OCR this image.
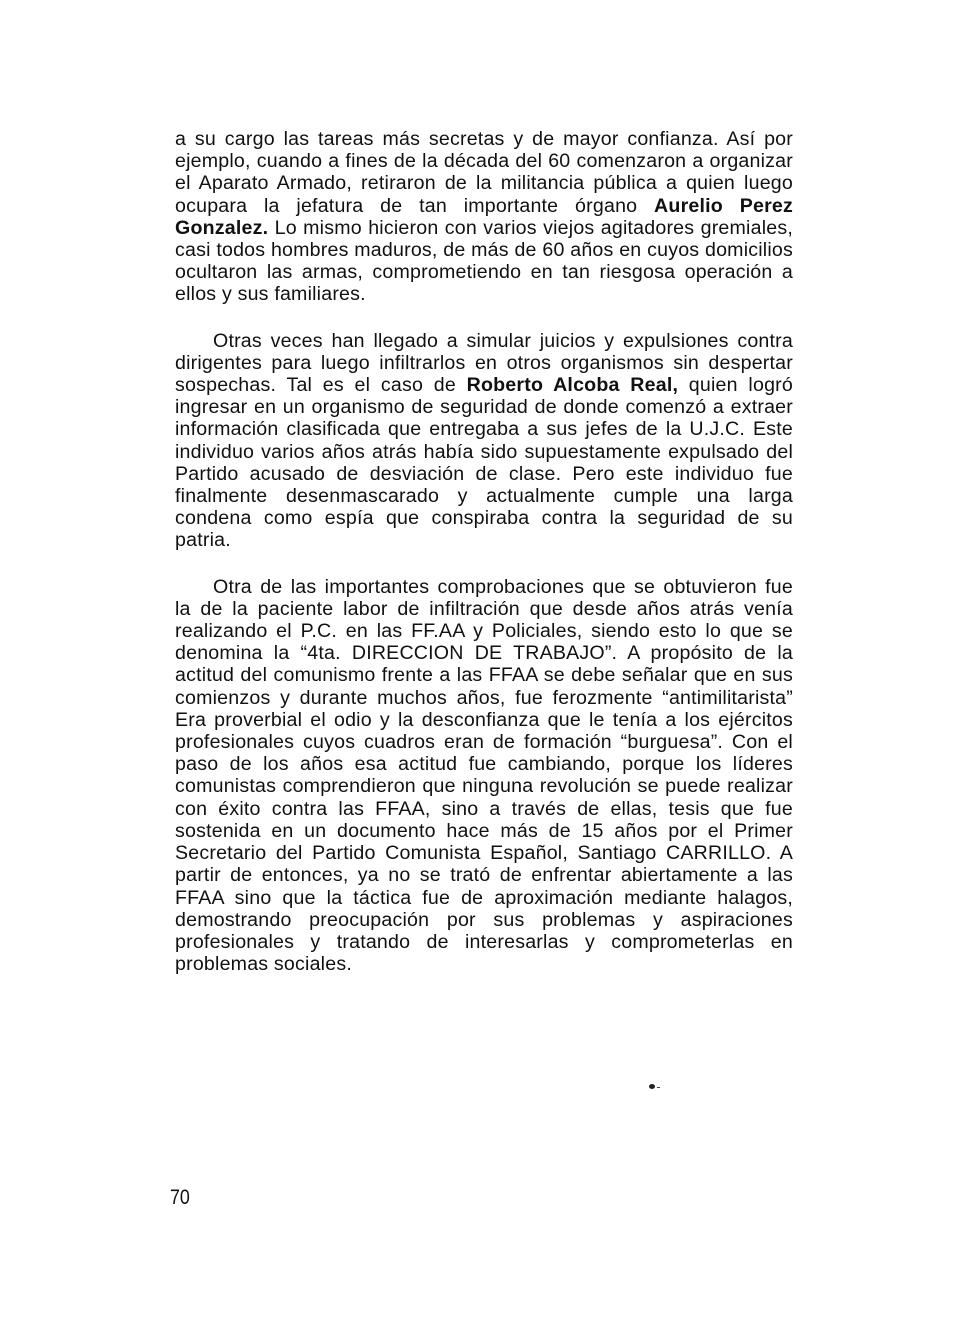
a su cargo las tareas más secretas y de mayor confianza. Así por ejemplo, cuando a fines de la década del 60 comenzaron a organizar el Aparato Armado, retiraron de la militancia pública a quien luego ocupara la jefatura de tan importante órgano Aurelio Perez Gonzalez. Lo mismo hicieron con varios viejos agitadores gremiales, casi todos hombres maduros, de más de 60 años en cuyos domicilios ocultaron las armas, comprometiendo en tan riesgosa operación a ellos y sus familiares.

Otras veces han llegado a simular juicios y expulsiones contra dirigentes para luego infiltrarlos en otros organismos sin despertar sospechas. Tal es el caso de Roberto Alcoba Real, quien logró ingresar en un organismo de seguridad de donde comenzó a extraer información clasificada que entregaba a sus jefes de la U.J.C. Este individuo varios años atrás había sido supuestamente expulsado del Partido acusado de desviación de clase. Pero este individuo fue finalmente desenmascarado y actualmente cumple una larga condena como espía que conspiraba contra la seguridad de su patria.

Otra de las importantes comprobaciones que se obtuvieron fue la de la paciente labor de infiltración que desde años atrás venía realizando el P.C. en las FF.AA y Policiales, siendo esto lo que se denomina la “4ta. DIRECCION DE TRABAJO”. A propósito de la actitud del comunismo frente a las FFAA se debe señalar que en sus comienzos y durante muchos años, fue ferozmente “antimilitarista” Era proverbial el odio y la desconfianza que le tenía a los ejércitos profesionales cuyos cuadros eran de formación “burguesa”. Con el paso de los años esa actitud fue cambiando, porque los líderes comunistas comprendieron que ninguna revolución se puede realizar con éxito contra las FFAA, sino a través de ellas, tesis que fue sostenida en un documento hace más de 15 años por el Primer Secretario del Partido Comunista Español, Santiago CARRILLO. A partir de entonces, ya no se trató de enfrentar abiertamente a las FFAA sino que la táctica fue de aproximación mediante halagos, demostrando preocupación por sus problemas y aspiraciones profesionales y tratando de interesarlas y comprometerlas en problemas sociales.

70
